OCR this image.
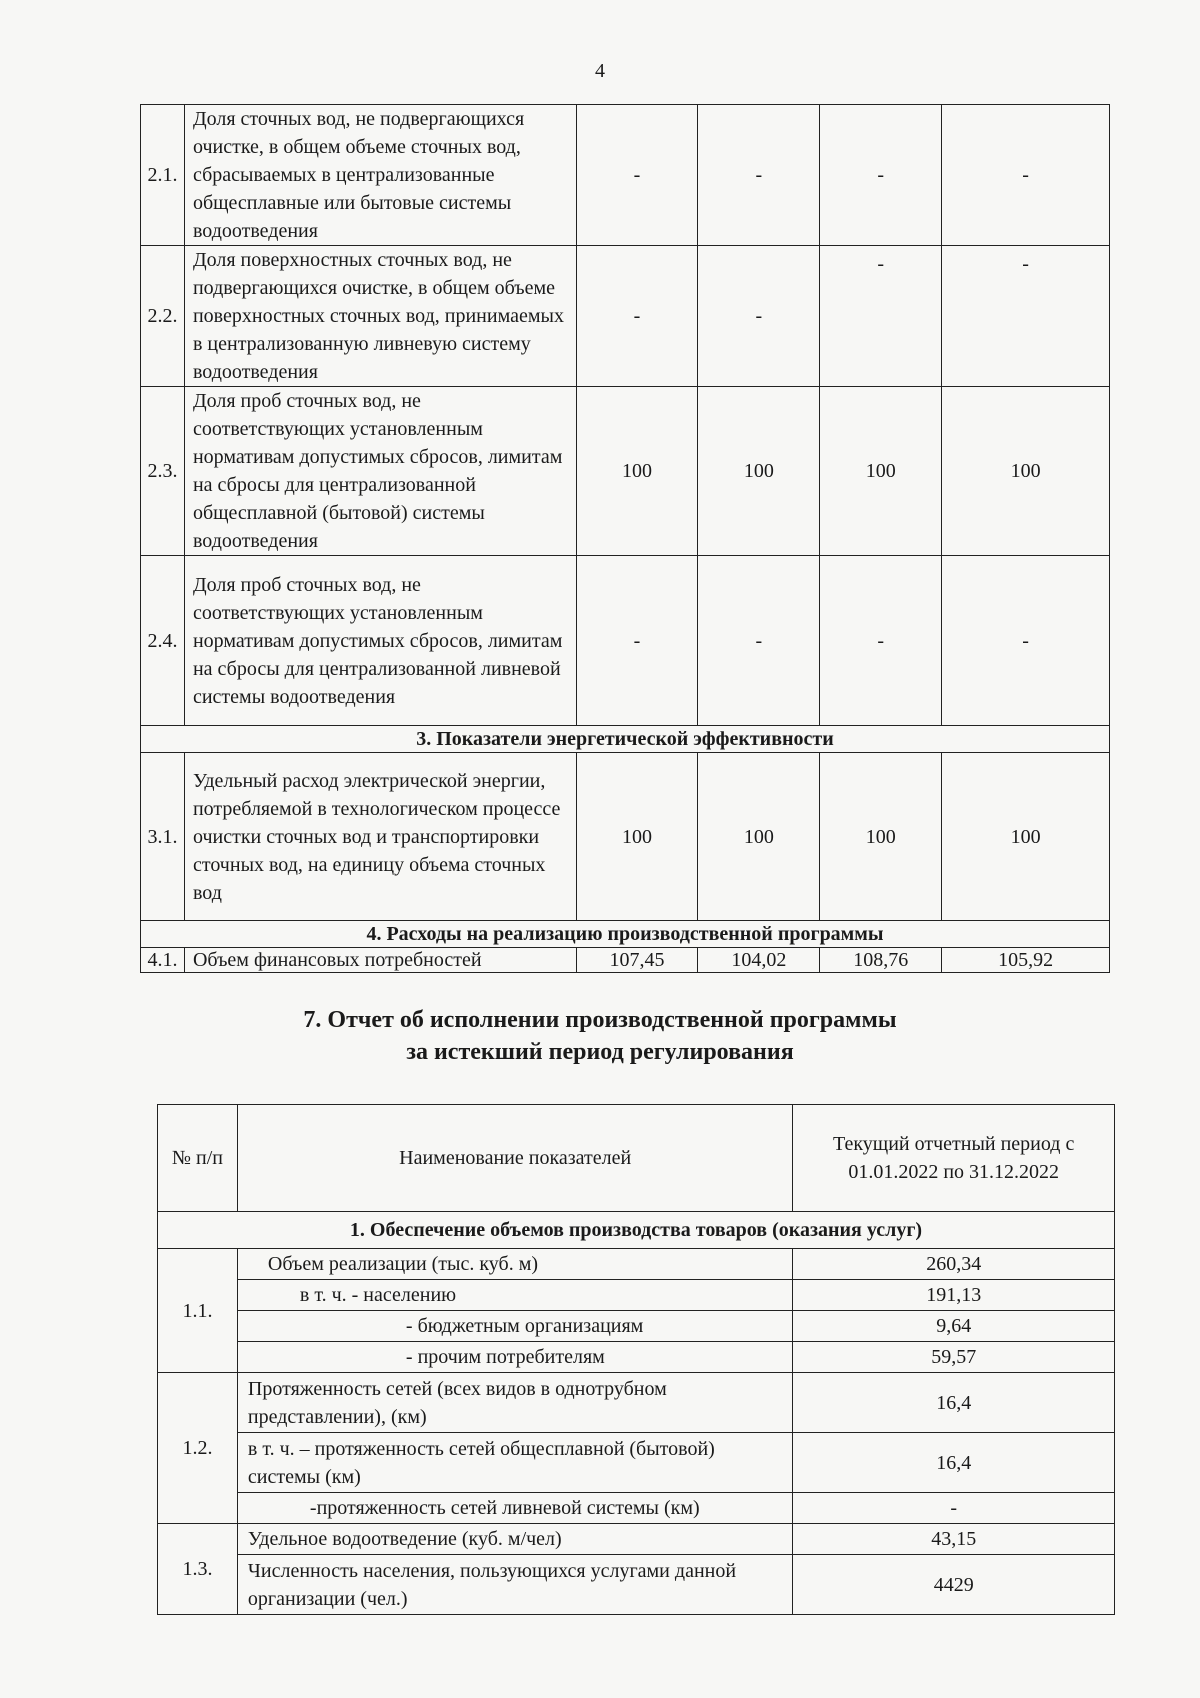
4
2.1.	Доля сточных вод, не подвергающихся очистке, в общем объеме сточных вод, сбрасываемых в централизованные общесплавные или бытовые системы водоотведения	-	-	-	-
2.2.	Доля поверхностных сточных вод, не подвергающихся очистке, в общем объеме поверхностных сточных вод, принимаемых в централизованную ливневую систему водоотведения	-	-	-	-
2.3.	Доля проб сточных вод, не соответствующих установленным нормативам допустимых сбросов, лимитам на сбросы для централизованной общесплавной (бытовой) системы водоотведения	100	100	100	100
2.4.	Доля проб сточных вод, не соответствующих установленным нормативам допустимых сбросов, лимитам на сбросы для централизованной ливневой системы водоотведения	-	-	-	-
3. Показатели энергетической эффективности					
3.1.	Удельный расход электрической энергии, потребляемой в технологическом процессе очистки сточных вод и транспортировки сточных вод, на единицу объема сточных вод	100	100	100	100
4. Расходы на реализацию производственной программы					
4.1.	Объем финансовых потребностей	107,45	104,02	108,76	105,92
7. Отчет об исполнении производственной программы
за истекший период регулирования
№ п/п	Наименование показателей	Текущий отчетный период с 01.01.2022 по 31.12.2022
1. Обеспечение объемов производства товаров (оказания услуг)		
1.1.	Объем реализации (тыс. куб. м)	260,34
	в т. ч. - населению	191,13
	- бюджетным организациям	9,64
	- прочим потребителям	59,57
1.2.	Протяженность сетей (всех видов в однотрубном представлении), (км)	16,4
	в т. ч. – протяженность сетей общесплавной (бытовой) системы (км)	16,4
	-протяженность сетей ливневой системы (км)	-
1.3.	Удельное водоотведение (куб. м/чел)	43,15
	Численность населения, пользующихся услугами данной организации (чел.)	4429
